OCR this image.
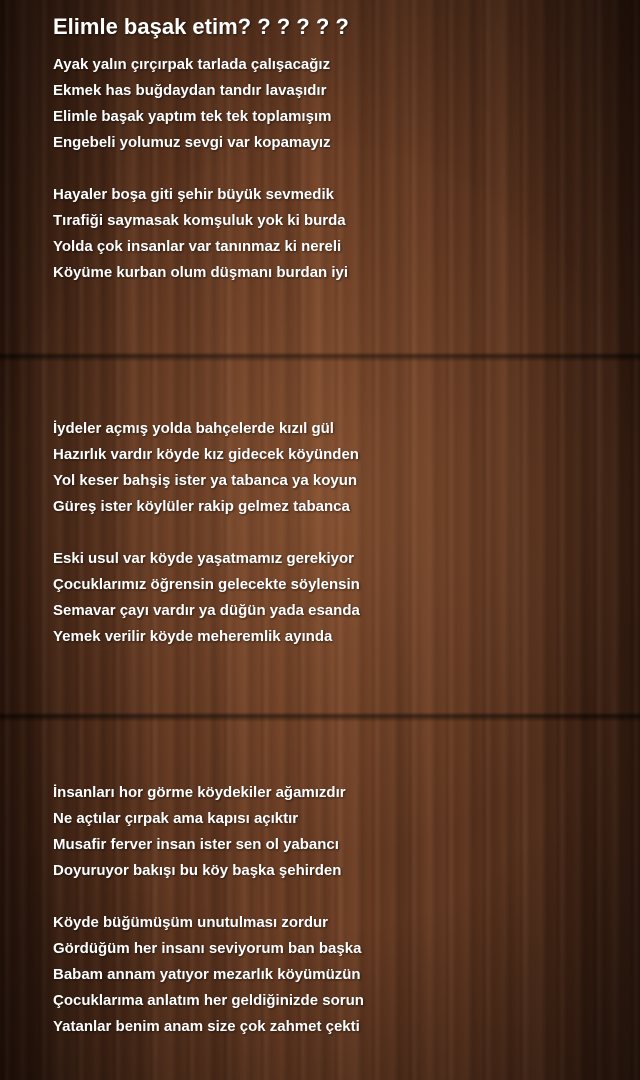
Elimle başak etim? ? ? ? ? ?
Ayak yalın çırçırpak tarlada çalışacağız
Ekmek has buğdaydan tandır lavaşıdır
Elimle başak yaptım tek tek toplamışım
Engebeli yolumuz sevgi var kopamayız
Hayaler boşa giti şehir büyük sevmedik
Tırafiği saymasak komşuluk yok ki burda
Yolda çok insanlar var tanınmaz ki nereli
Köyüme kurban olum düşmanı burdan iyi
İydeler açmış yolda bahçelerde kızıl gül
Hazırlık vardır köyde kız gidecek köyünden
Yol keser bahşiş ister ya tabanca ya koyun
Güreş ister köylüler rakip gelmez tabanca
Eski usul var köyde yaşatmamız gerekiyor
Çocuklarımız öğrensin gelecekte söylensin
Semavar çayı vardır ya düğün yada esanda
Yemek verilir köyde meheremlik ayında
İnsanları hor görme köydekiler ağamızdır
Ne açtılar çırpak ama kapısı açıktır
Musafir ferver insan ister sen ol yabancı
Doyuruyor bakışı bu köy başka şehirden
Köyde büğümüşüm unutulması zordur
Gördüğüm her insanı seviyorum ban başka
Babam annam yatıyor mezarlık köyümüzün
Çocuklarıma anlatım her geldiğinizde sorun
Yatanlar benim anam size çok zahmet çekti
